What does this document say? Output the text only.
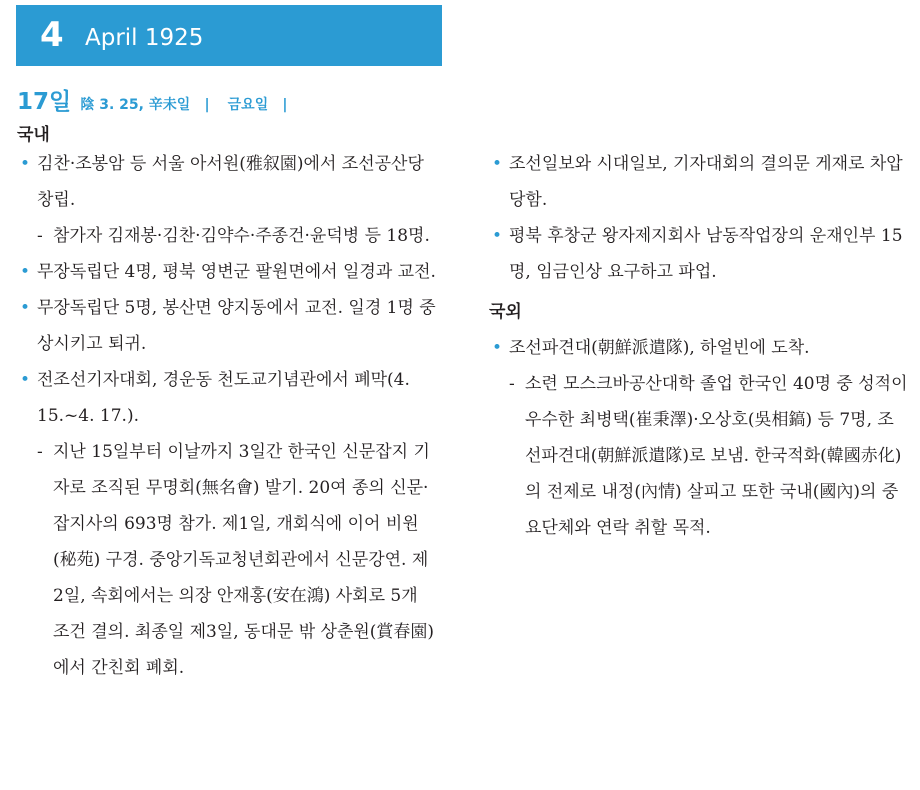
4 April 1925
17일 陰 3. 25, 辛未일 | 금요일 |
국내
• 김찬·조봉암 등 서울 아서원(雅叙園)에서 조선공산당 창립.
- 참가자 김재봉·김찬·김약수·주종건·윤덕병 등 18명.
• 무장독립단 4명, 평북 영변군 팔원면에서 일경과 교전.
• 무장독립단 5명, 봉산면 양지동에서 교전. 일경 1명 중상시키고 퇴귀.
• 전조선기자대회, 경운동 천도교기념관에서 폐막(4. 15.~4. 17.).
- 지난 15일부터 이날까지 3일간 한국인 신문잡지 기자로 조직된 무명회(無名會) 발기. 20여 종의 신문·잡지사의 693명 참가. 제1일, 개회식에 이어 비원(秘苑) 구경. 중앙기독교청년회관에서 신문강연. 제2일, 속회에서는 의장 안재홍(安在鴻) 사회로 5개 조건 결의. 최종일 제3일, 동대문 밖 상춘원(賞春園)에서 간친회 폐회.
• 조선일보와 시대일보, 기자대회의 결의문 게재로 차압당함.
• 평북 후창군 왕자제지회사 남동작업장의 운재인부 15명, 임금인상 요구하고 파업.
국외
• 조선파견대(朝鮮派遣隊), 하얼빈에 도착.
- 소련 모스크바공산대학 졸업 한국인 40명 중 성적이 우수한 최병택(崔秉澤)·오상호(吳相鎬) 등 7명, 조선파견대(朝鮮派遣隊)로 보냄. 한국적화(韓國赤化)의 전제로 내정(內情) 살피고 또한 국내(國內)의 중요단체와 연락 취할 목적.
